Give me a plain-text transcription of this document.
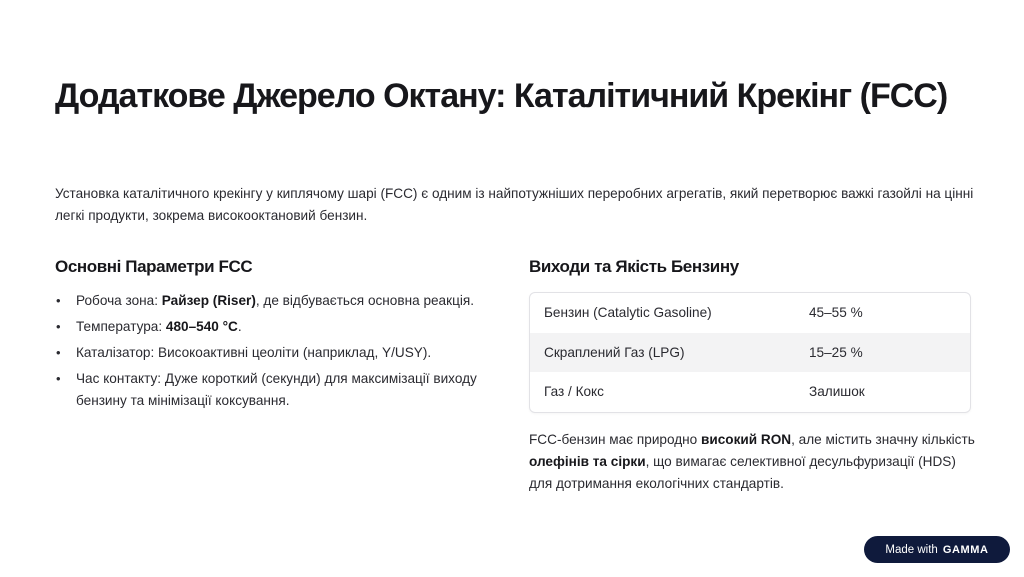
Додаткове Джерело Октану: Каталітичний Крекінг (FCC)

Установка каталітичного крекінгу у киплячому шарі (FCC) є одним із найпотужніших переробних агрегатів, який перетворює важкі газойлі на цінні легкі продукти, зокрема високооктановий бензин.

Основні Параметри FCC
• Робоча зона: Райзер (Riser), де відбувається основна реакція.
• Температура: 480–540 °C.
• Каталізатор: Високоактивні цеоліти (наприклад, Y/USY).
• Час контакту: Дуже короткий (секунди) для максимізації виходу бензину та мінімізації коксування.
Виходи та Якість Бензину
Бензин (Catalytic Gasoline)	45–55 %
Скраплений Газ (LPG)	15–25 %
Газ / Кокс	Залишок

FCC-бензин має природно високий RON, але містить значну кількість олефінів та сірки, що вимагає селективної десульфуризації (HDS) для дотримання екологічних стандартів.

Made with GAMMA
